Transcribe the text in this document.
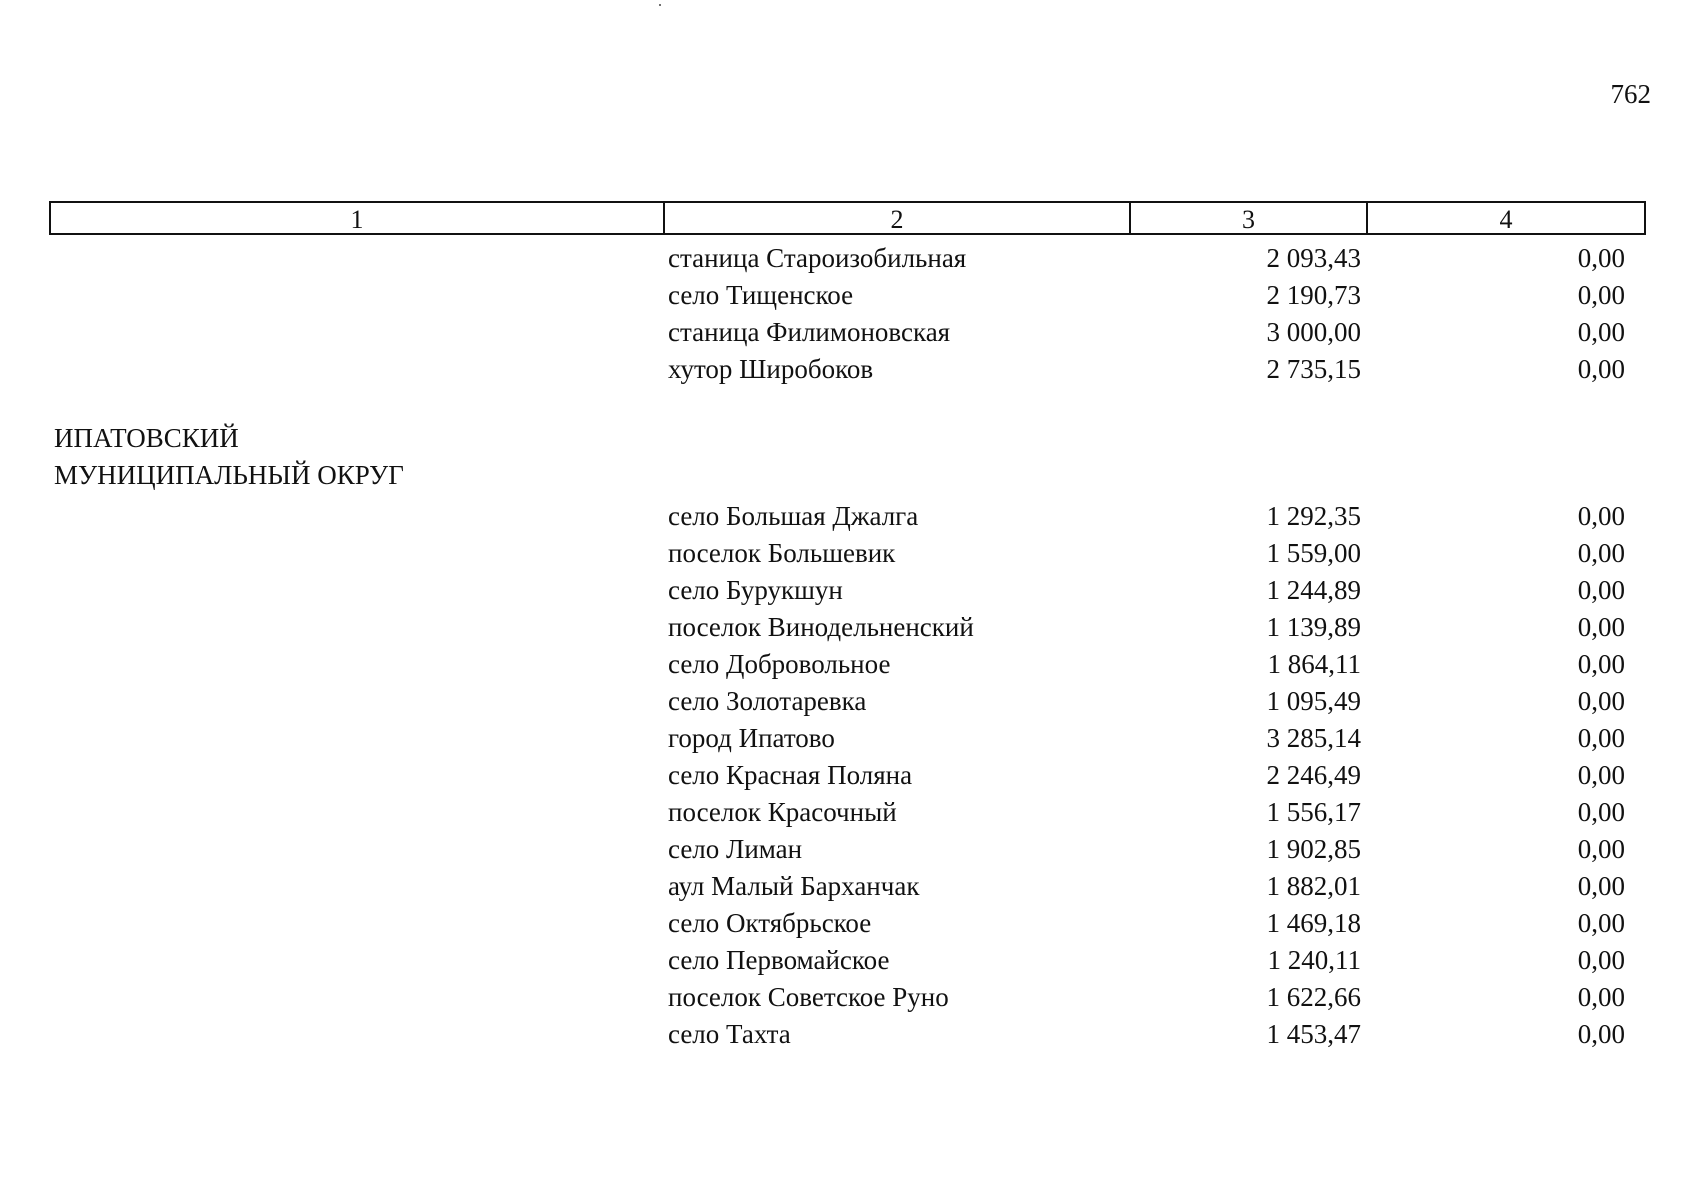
762
1	2	3	4
станица Староизобильная	2 093,43	0,00
село Тищенское	2 190,73	0,00
станица Филимоновская	3 000,00	0,00
хутор Широбоков	2 735,15	0,00
ИПАТОВСКИЙ
МУНИЦИПАЛЬНЫЙ ОКРУГ
село Большая Джалга	1 292,35	0,00
поселок Большевик	1 559,00	0,00
село Бурукшун	1 244,89	0,00
поселок Винодельненский	1 139,89	0,00
село Добровольное	1 864,11	0,00
село Золотаревка	1 095,49	0,00
город Ипатово	3 285,14	0,00
село Красная Поляна	2 246,49	0,00
поселок Красочный	1 556,17	0,00
село Лиман	1 902,85	0,00
аул Малый Барханчак	1 882,01	0,00
село Октябрьское	1 469,18	0,00
село Первомайское	1 240,11	0,00
поселок Советское Руно	1 622,66	0,00
село Тахта	1 453,47	0,00
